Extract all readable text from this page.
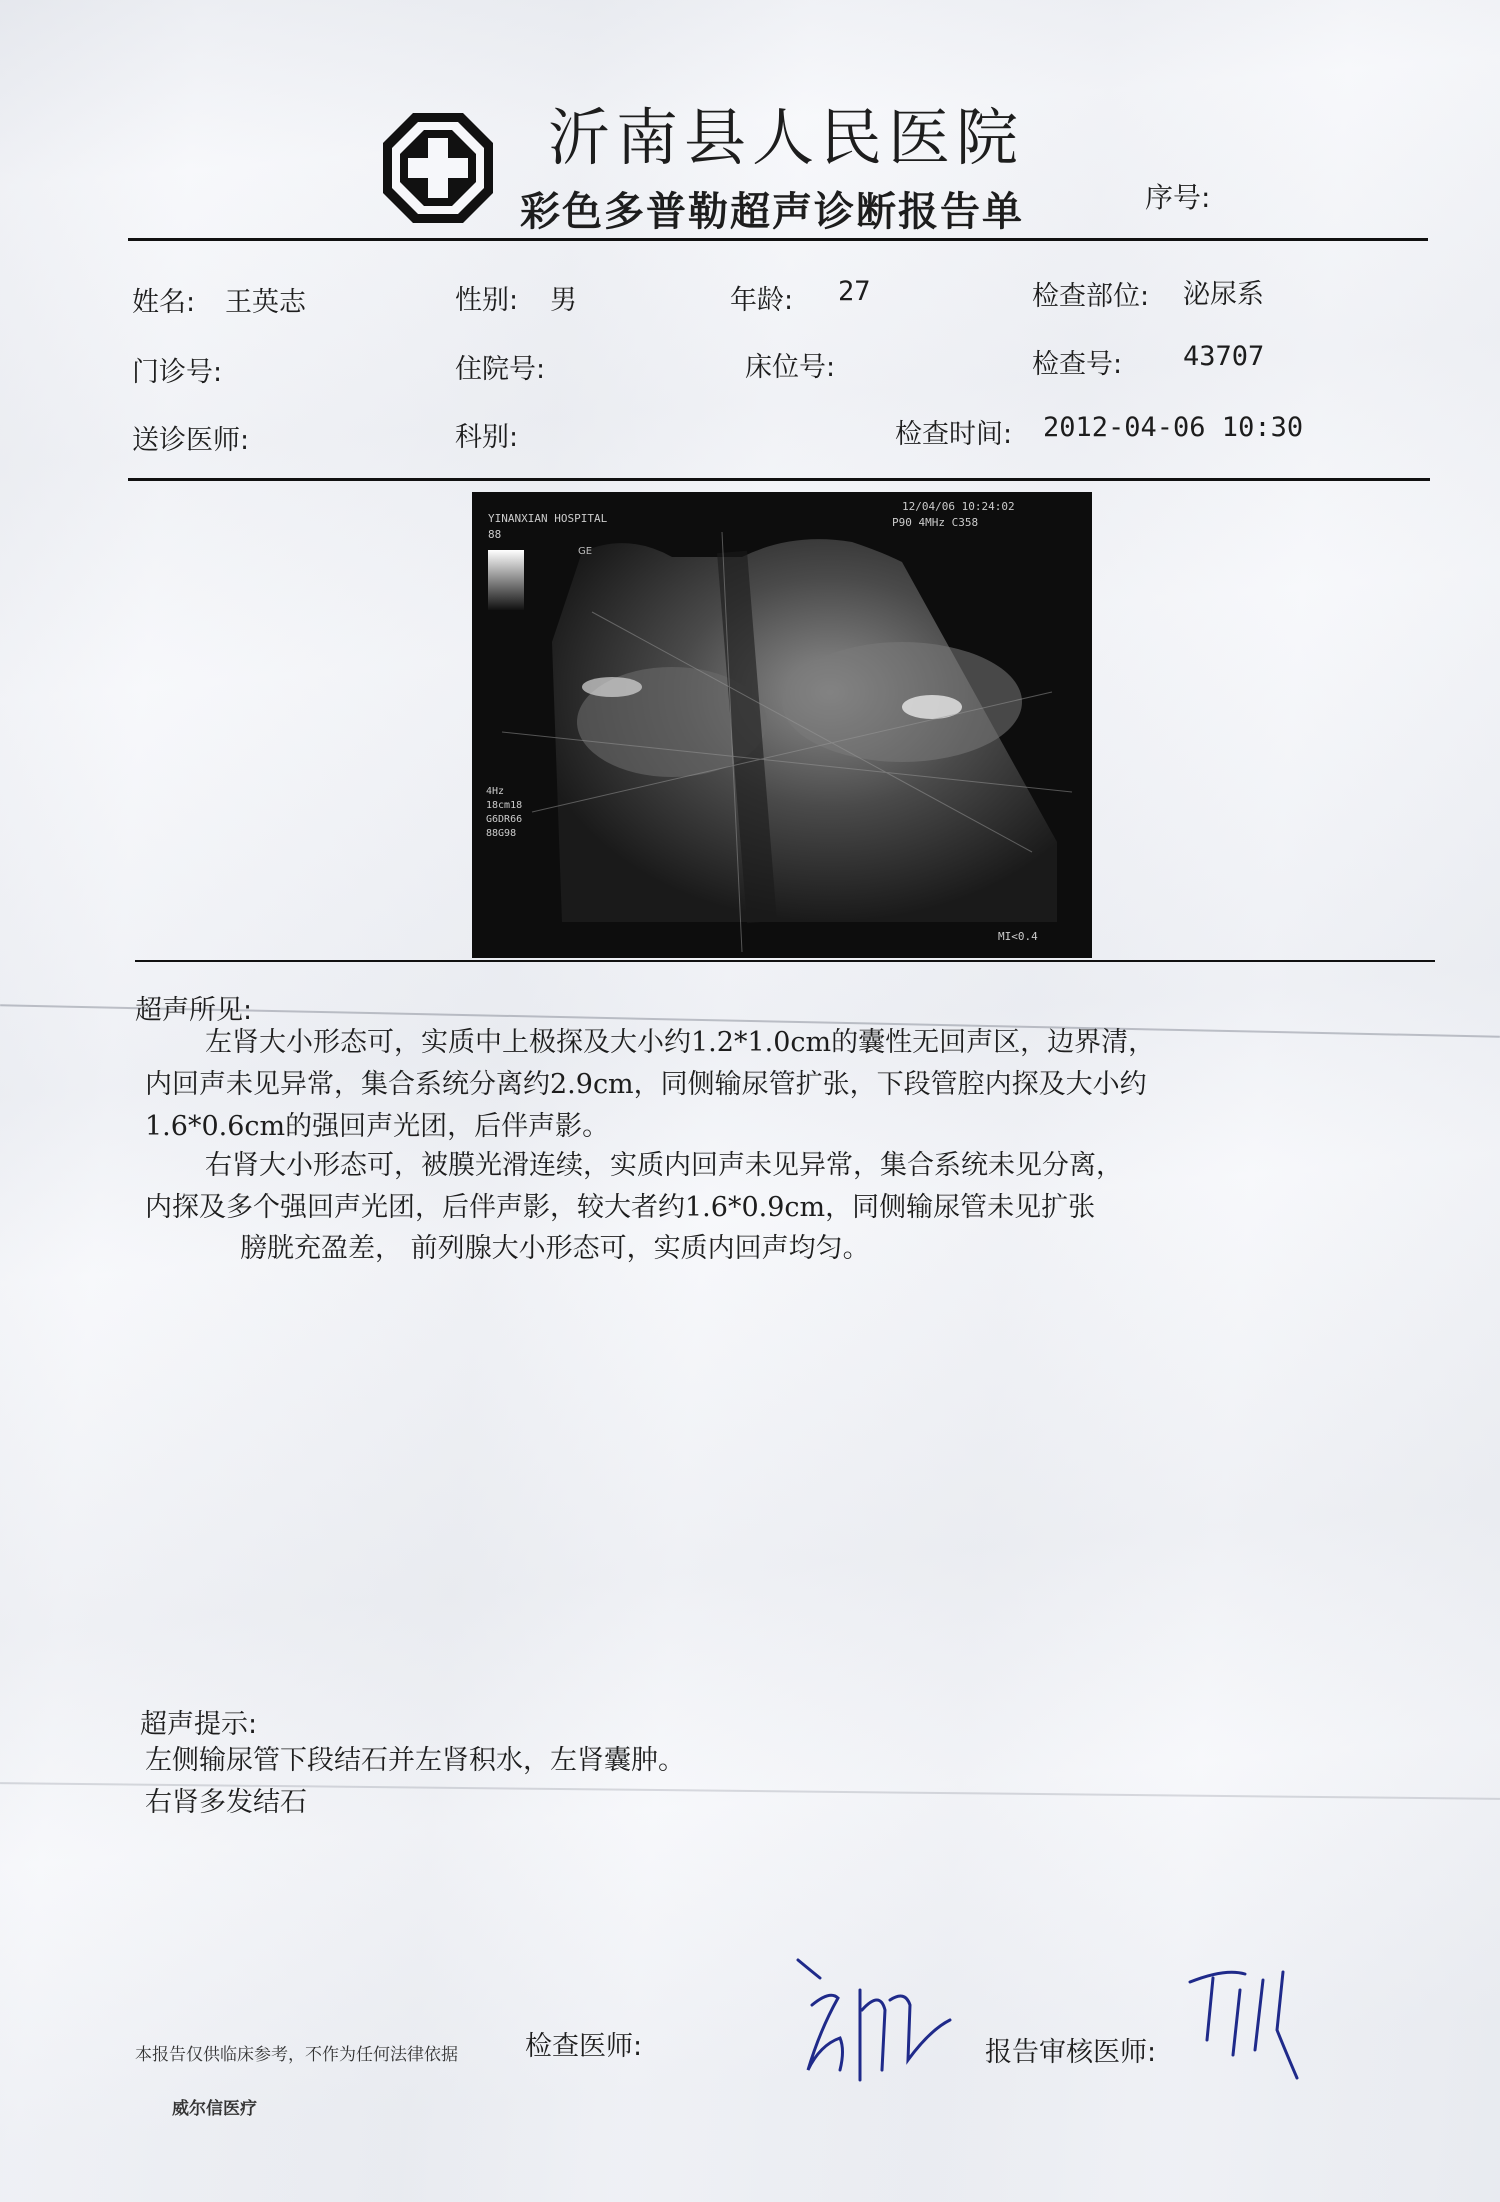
沂南县人民医院
彩色多普勒超声诊断报告单	序号:
姓名: 王英志	性别: 男	年龄: 27	检查部位: 泌尿系
门诊号:	住院号:	床位号:	检查号: 43707
送诊医师:	科别:	检查时间: 2012-04-06 10:30
YINANXIAN HOSPITAL
88
12/04/06 10:24:02
P90 4MHz C358
GE
4Hz
18cm18
G6DR66
88G98
MI<0.4
超声所见:
左肾大小形态可，实质中上极探及大小约1.2*1.0cm的囊性无回声区，边界清，
内回声未见异常，集合系统分离约2.9cm，同侧输尿管扩张，下段管腔内探及大小约
1.6*0.6cm的强回声光团，后伴声影。
右肾大小形态可，被膜光滑连续，实质内回声未见异常，集合系统未见分离，
内探及多个强回声光团，后伴声影，较大者约1.6*0.9cm，同侧输尿管未见扩张
膀胱充盈差， 前列腺大小形态可，实质内回声均匀。
超声提示:
左侧输尿管下段结石并左肾积水，左肾囊肿。
右肾多发结石
本报告仅供临床参考，不作为任何法律依据 检查医师:	报告审核医师:
威尔信医疗
